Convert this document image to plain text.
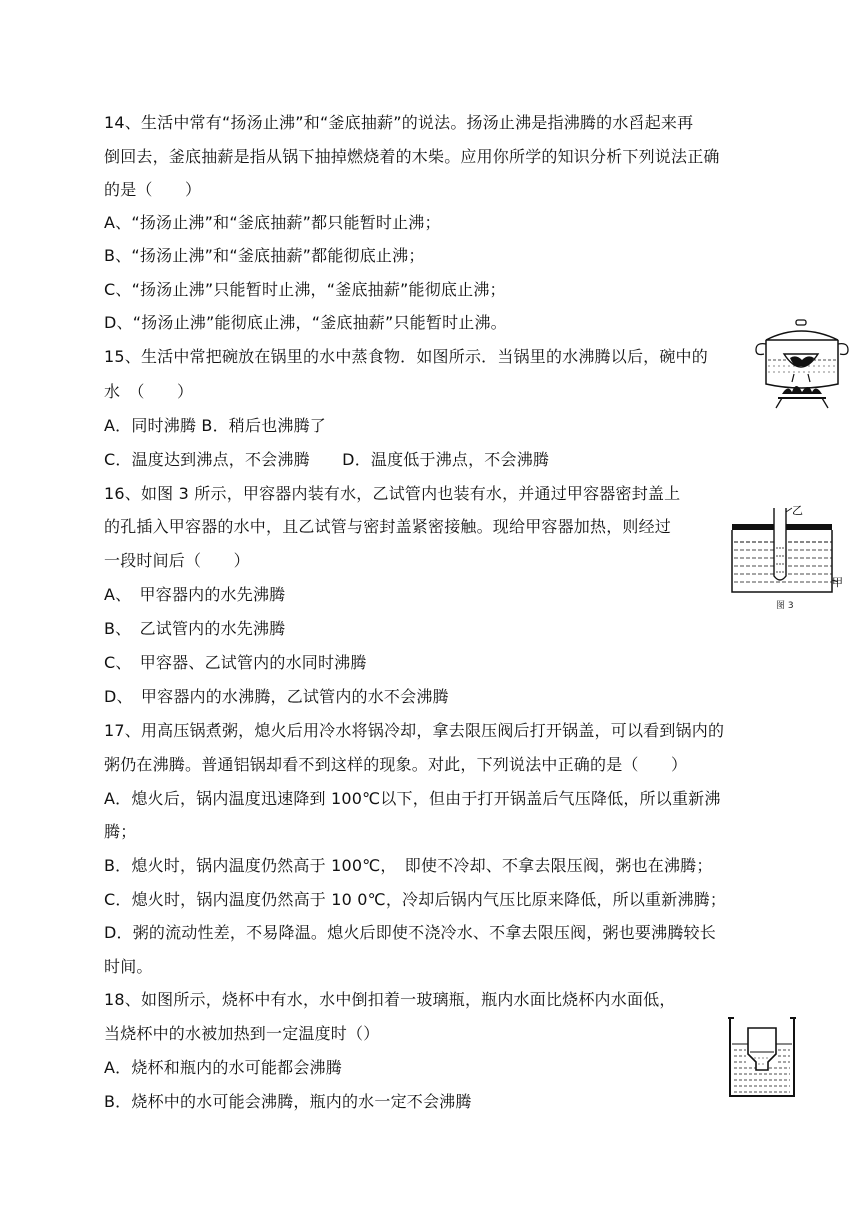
14、生活中常有“扬汤止沸”和“釜底抽薪”的说法。扬汤止沸是指沸腾的水舀起来再
倒回去，釜底抽薪是指从锅下抽掉燃烧着的木柴。应用你所学的知识分析下列说法正确
的是（　　）
A、“扬汤止沸”和“釜底抽薪”都只能暂时止沸；
B、“扬汤止沸”和“釜底抽薪”都能彻底止沸；
C、“扬汤止沸”只能暂时止沸，“釜底抽薪”能彻底止沸；
D、“扬汤止沸”能彻底止沸，“釜底抽薪”只能暂时止沸。
15、生活中常把碗放在锅里的水中蒸食物．如图所示．当锅里的水沸腾以后，碗中的
水　（　　）
A．同时沸腾 B．稍后也沸腾了
C．温度达到沸点，不会沸腾　　D．温度低于沸点，不会沸腾
16、如图 3 所示，甲容器内装有水，乙试管内也装有水，并通过甲容器密封盖上
的孔插入甲容器的水中，且乙试管与密封盖紧密接触。现给甲容器加热，则经过
一段时间后（　　）
A、　甲容器内的水先沸腾
B、　乙试管内的水先沸腾
C、　甲容器、乙试管内的水同时沸腾
D、　甲容器内的水沸腾，乙试管内的水不会沸腾
乙
甲
图 3
17、用高压锅煮粥，熄火后用冷水将锅冷却，拿去限压阀后打开锅盖，可以看到锅内的
粥仍在沸腾。普通铝锅却看不到这样的现象。对此，下列说法中正确的是（　　）
A．熄火后，锅内温度迅速降到 100℃以下，但由于打开锅盖后气压降低，所以重新沸
腾；
B．熄火时，锅内温度仍然高于 100℃，　即使不冷却、不拿去限压阀，粥也在沸腾；
C．熄火时，锅内温度仍然高于 10 0℃，冷却后锅内气压比原来降低，所以重新沸腾；
D．粥的流动性差，不易降温。熄火后即使不浇冷水、不拿去限压阀，粥也要沸腾较长
时间。
18、如图所示，烧杯中有水，水中倒扣着一玻璃瓶，瓶内水面比烧杯内水面低，
当烧杯中的水被加热到一定温度时（）
A．烧杯和瓶内的水可能都会沸腾
B．烧杯中的水可能会沸腾，瓶内的水一定不会沸腾
